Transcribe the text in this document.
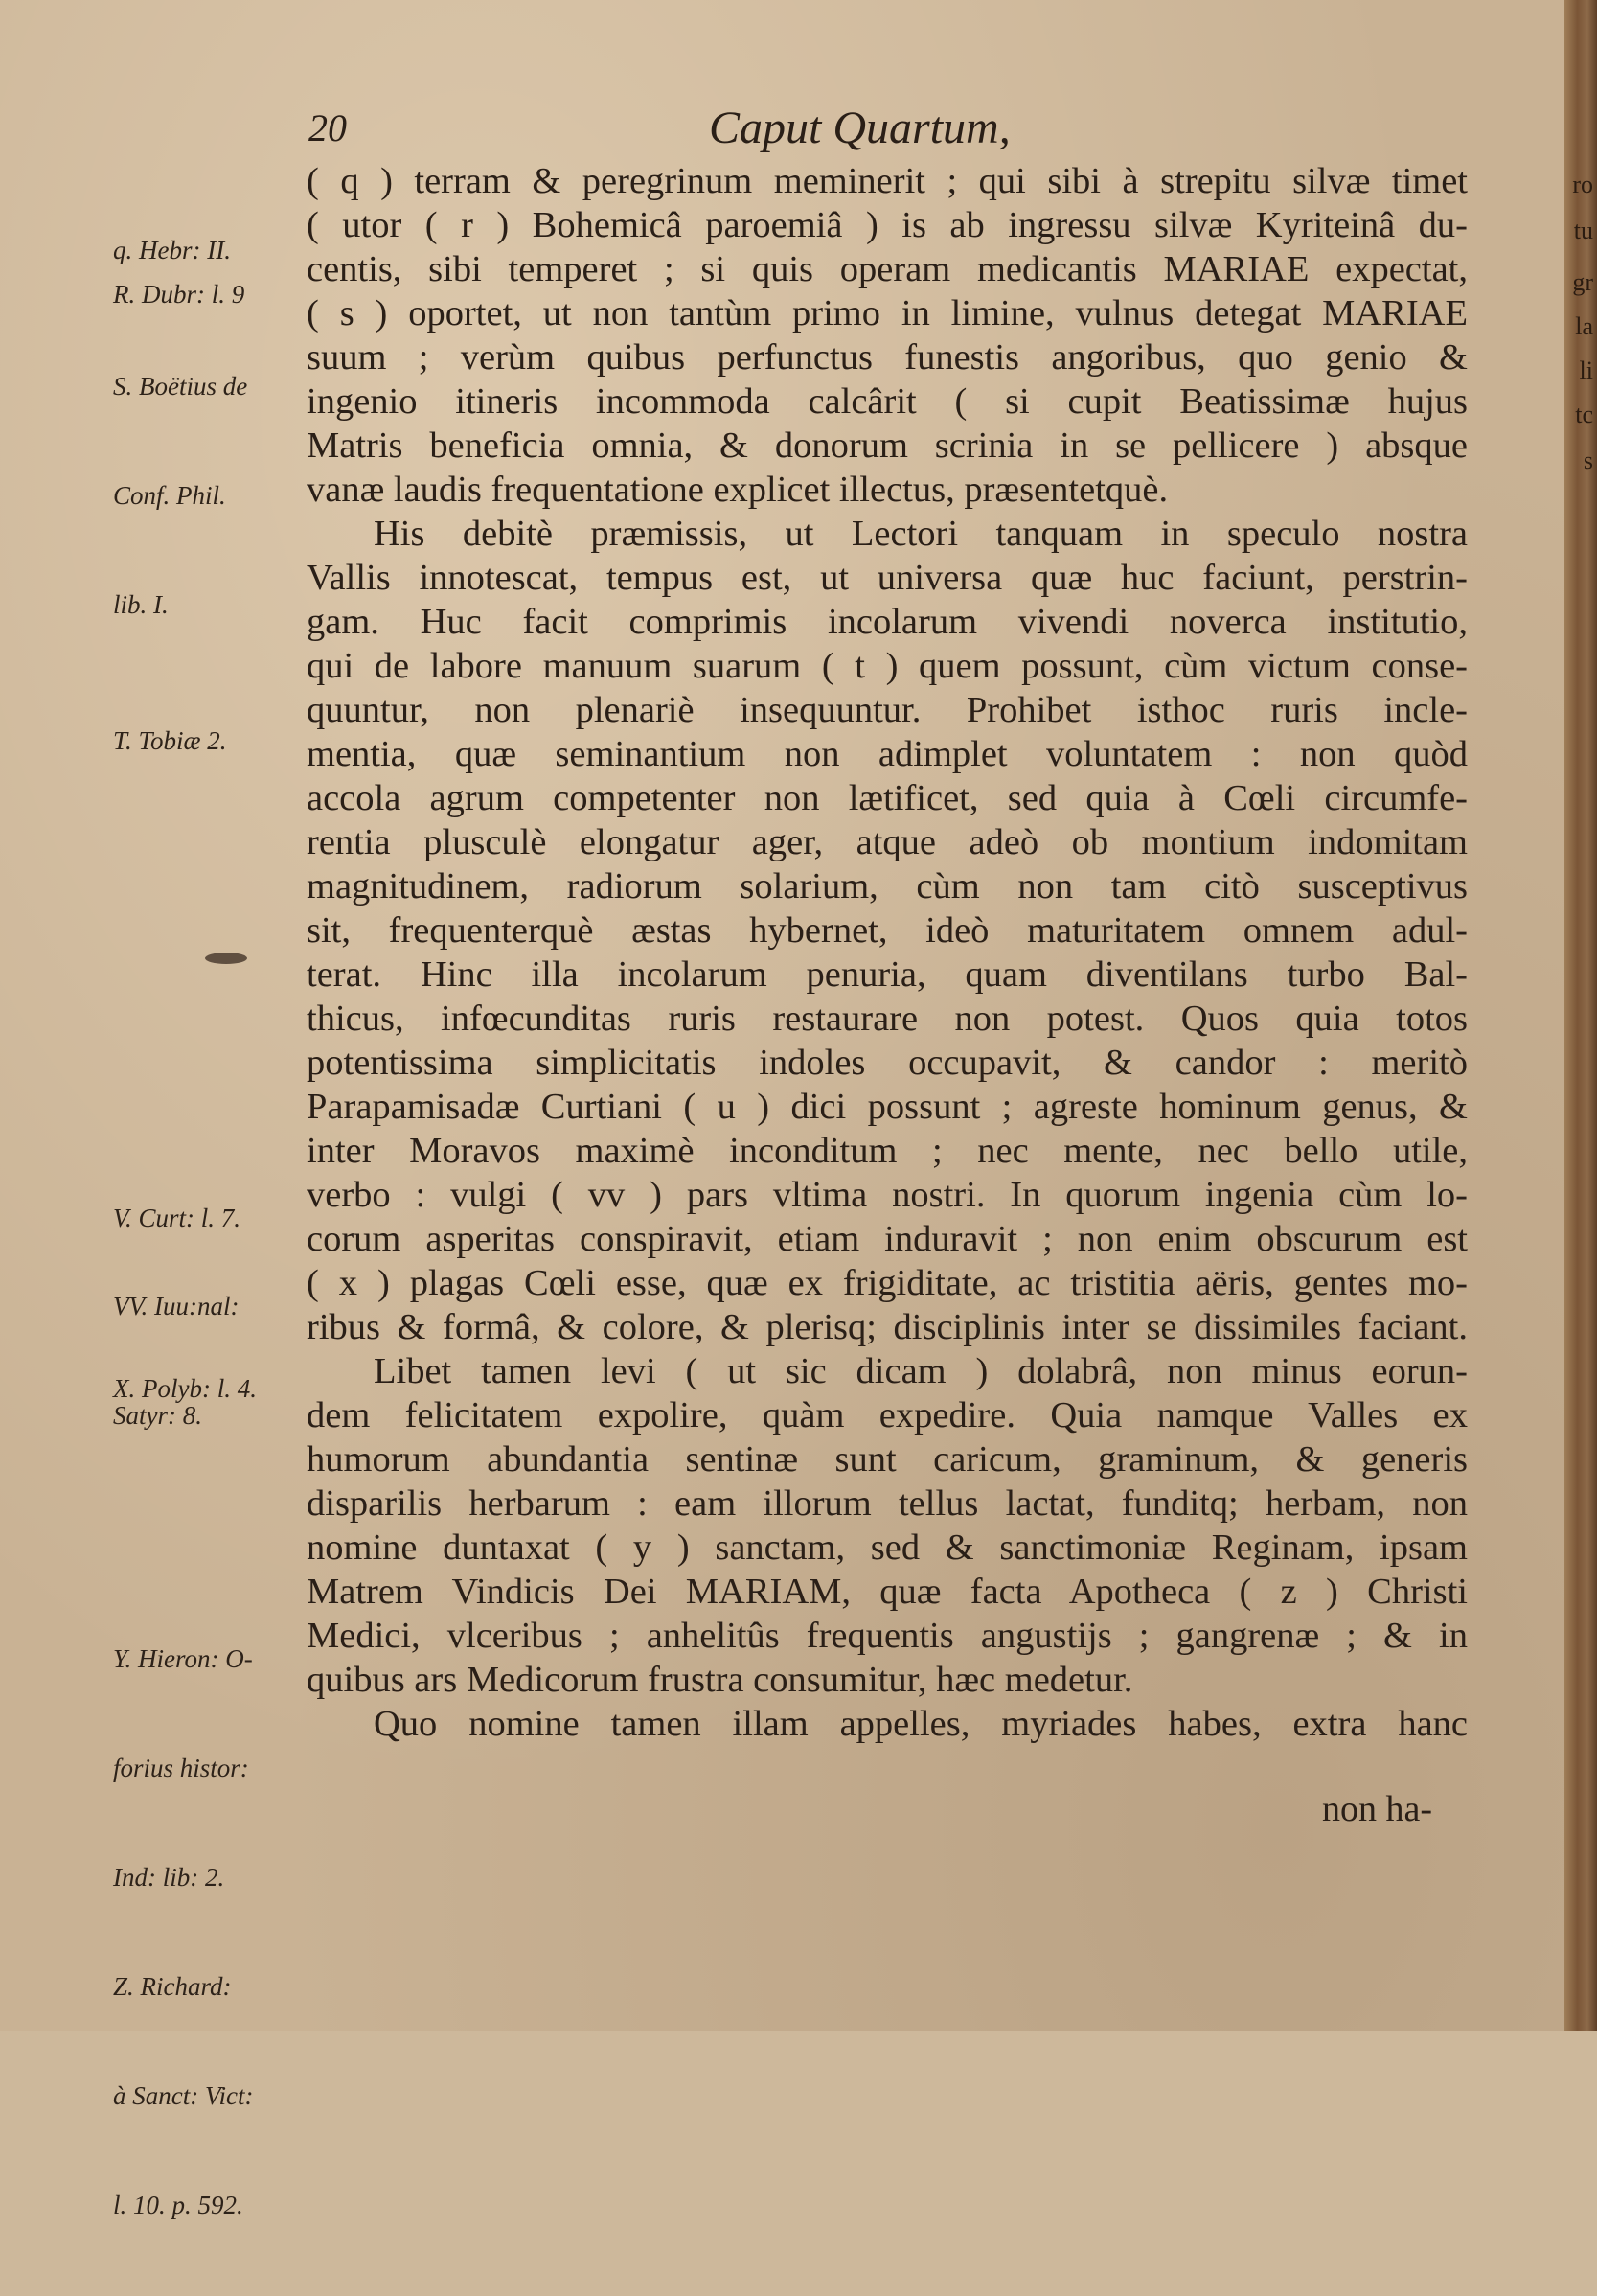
ro
tu
gr
la
li
tc
s
20	Caput Quartum,

q. Hebr: II.

R. Dubr: l. 9

S. Boëtius de

Conf. Phil.

lib. I.

T. Tobiæ 2.

V. Curt: l. 7.

VV. Iuu:nal:

Satyr: 8.

X. Polyb: l. 4.

Y. Hieron: O-

forius histor:

Ind: lib: 2.

Z. Richard:

à Sanct: Vict:

l. 10. p. 592.

( q ) terram & peregrinum meminerit ; qui sibi à strepitu silvæ timet
( utor ( r ) Bohemicâ paroemiâ ) is ab ingressu silvæ Kyriteinâ du-
centis, sibi temperet ; si quis operam medicantis MARIAE expectat,
( s ) oportet, ut non tantùm primo in limine, vulnus detegat MARIAE
suum ; verùm quibus perfunctus funestis angoribus, quo genio &
ingenio itineris incommoda calcârit ( si cupit Beatissimæ hujus
Matris beneficia omnia, & donorum scrinia in se pellicere ) absque
vanæ laudis frequentatione explicet illectus, præsentetquè.
His debitè præmissis, ut Lectori tanquam in speculo nostra
Vallis innotescat, tempus est, ut universa quæ huc faciunt, perstrin-
gam. Huc facit comprimis incolarum vivendi noverca institutio,
qui de labore manuum suarum ( t ) quem possunt, cùm victum conse-
quuntur, non plenariè insequuntur. Prohibet isthoc ruris incle-
mentia, quæ seminantium non adimplet voluntatem : non quòd
accola agrum competenter non lætificet, sed quia à Cœli circumfe-
rentia plusculè elongatur ager, atque adeò ob montium indomitam
magnitudinem, radiorum solarium, cùm non tam citò susceptivus
sit, frequenterquè æstas hybernet, ideò maturitatem omnem adul-
terat. Hinc illa incolarum penuria, quam diventilans turbo Bal-
thicus, infœcunditas ruris restaurare non potest. Quos quia totos
potentissima simplicitatis indoles occupavit, & candor : meritò
Parapamisadæ Curtiani ( u ) dici possunt ; agreste hominum genus, &
inter Moravos maximè inconditum ; nec mente, nec bello utile,
verbo : vulgi ( vv ) pars vltima nostri. In quorum ingenia cùm lo-
corum asperitas conspiravit, etiam induravit ; non enim obscurum est
( x ) plagas Cœli esse, quæ ex frigiditate, ac tristitia aëris, gentes mo-
ribus & formâ, & colore, & plerisq; disciplinis inter se dissimiles faciant.
Libet tamen levi ( ut sic dicam ) dolabrâ, non minus eorun-
dem felicitatem expolire, quàm expedire. Quia namque Valles ex
humorum abundantia sentinæ sunt caricum, graminum, & generis
disparilis herbarum : eam illorum tellus lactat, funditq; herbam, non
nomine duntaxat ( y ) sanctam, sed & sanctimoniæ Reginam, ipsam
Matrem Vindicis Dei MARIAM, quæ facta Apotheca ( z ) Christi
Medici, vlceribus ; anhelitûs frequentis angustijs ; gangrenæ ; & in
quibus ars Medicorum frustra consumitur, hæc medetur.
Quo nomine tamen illam appelles, myriades habes, extra hanc
non ha-
